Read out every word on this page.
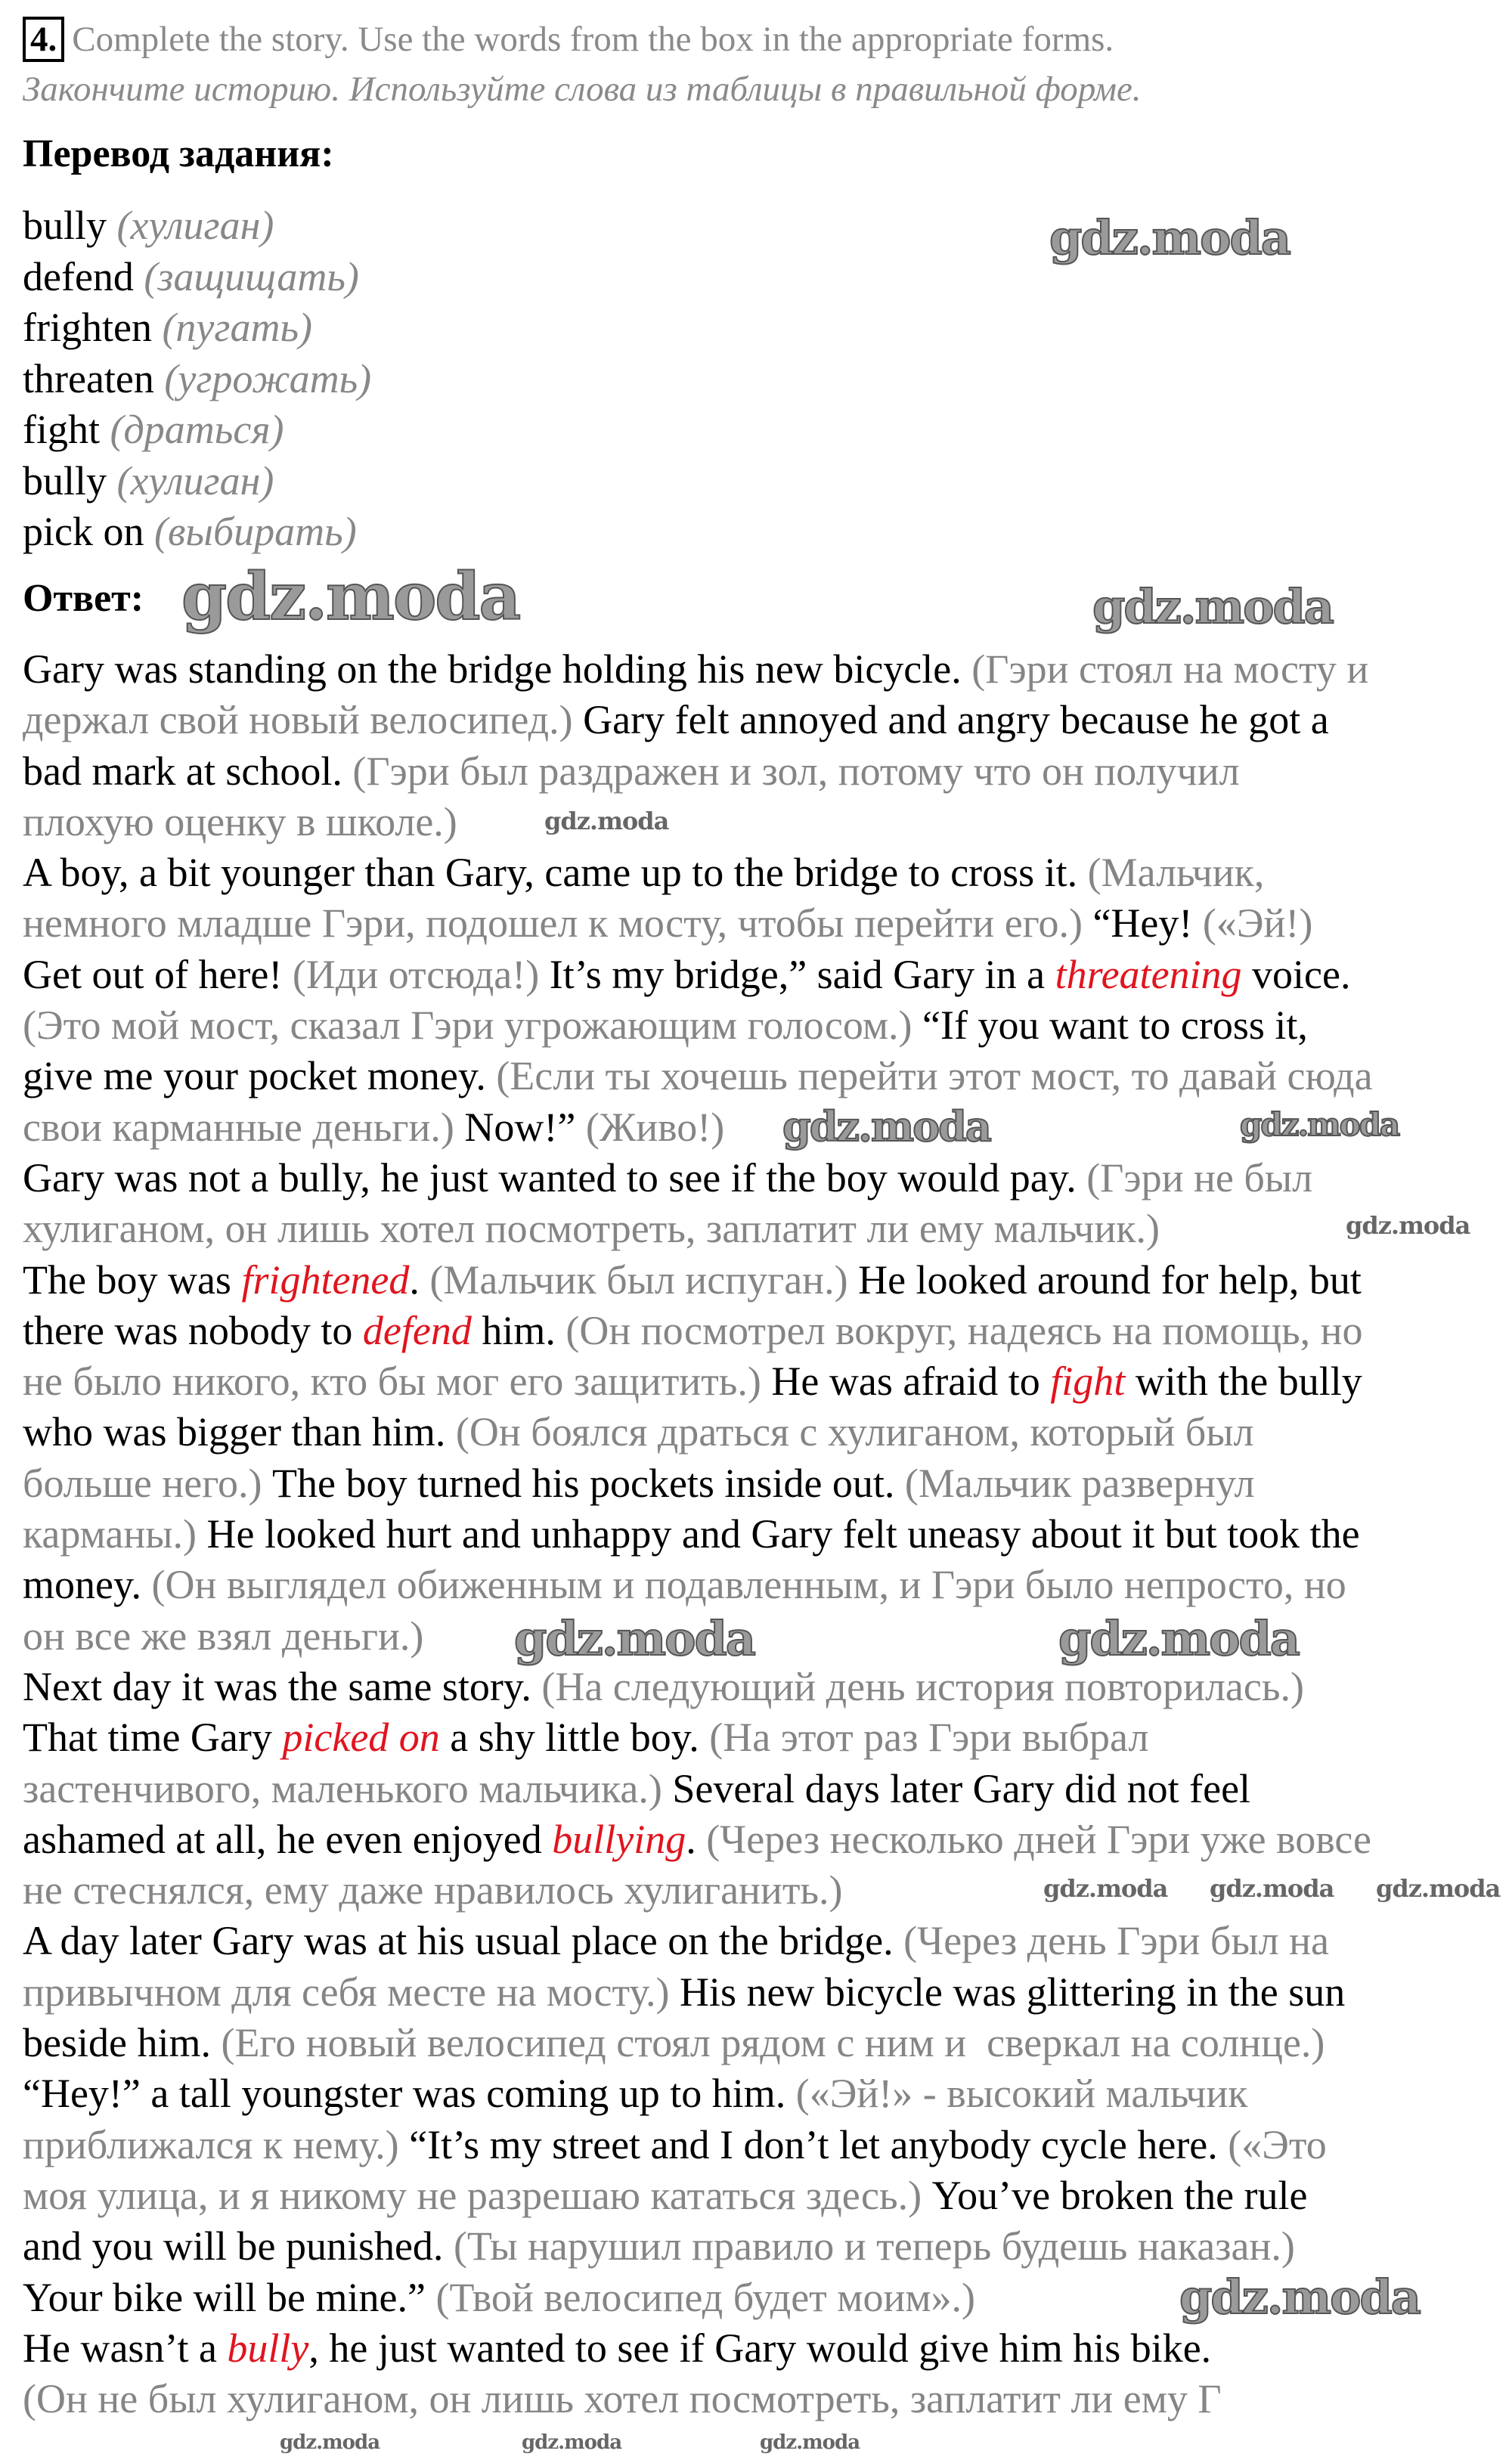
4. Complete the story. Use the words from the box in the appropriate forms.
Закончите историю. Используйте слова из таблицы в правильной форме.
Перевод задания:
bully (хулиган)
defend (защищать)
frighten (пугать)
threaten (угрожать)
fight (драться)
bully (хулиган)
pick on (выбирать)
Ответ:
Gary was standing on the bridge holding his new bicycle. (Гэри стоял на мосту и
держал свой новый велосипед.) Gary felt annoyed and angry because he got a
bad mark at school. (Гэри был раздражен и зол, потому что он получил
плохую оценку в школе.)
A boy, a bit younger than Gary, came up to the bridge to cross it. (Мальчик,
немного младше Гэри, подошел к мосту, чтобы перейти его.) “Hey! («Эй!)
Get out of here! (Иди отсюда!) It’s my bridge,” said Gary in a threatening voice.
(Это мой мост, сказал Гэри угрожающим голосом.) “If you want to cross it,
give me your pocket money. (Если ты хочешь перейти этот мост, то давай сюда
свои карманные деньги.) Now!” (Живо!)
Gary was not a bully, he just wanted to see if the boy would pay. (Гэри не был
хулиганом, он лишь хотел посмотреть, заплатит ли ему мальчик.)
The boy was frightened. (Мальчик был испуган.) He looked around for help, but
there was nobody to defend him. (Он посмотрел вокруг, надеясь на помощь, но
не было никого, кто бы мог его защитить.) He was afraid to fight with the bully
who was bigger than him. (Он боялся драться с хулиганом, который был
больше него.) The boy turned his pockets inside out. (Мальчик развернул
карманы.) He looked hurt and unhappy and Gary felt uneasy about it but took the
money. (Он выглядел обиженным и подавленным, и Гэри было непросто, но
он все же взял деньги.)
Next day it was the same story. (На следующий день история повторилась.)
That time Gary picked on a shy little boy. (На этот раз Гэри выбрал
застенчивого, маленького мальчика.) Several days later Gary did not feel
ashamed at all, he even enjoyed bullying. (Через несколько дней Гэри уже вовсе
не стеснялся, ему даже нравилось хулиганить.)
A day later Gary was at his usual place on the bridge. (Через день Гэри был на
привычном для себя месте на мосту.) His new bicycle was glittering in the sun
beside him. (Его новый велосипед стоял рядом с ним и  сверкал на солнце.)
“Hey!” a tall youngster was coming up to him. («Эй!» - высокий мальчик
приближался к нему.) “It’s my street and I don’t let anybody cycle here. («Это
моя улица, и я никому не разрешаю кататься здесь.) You’ve broken the rule
and you will be punished. (Ты нарушил правило и теперь будешь наказан.)
Your bike will be mine.” (Твой велосипед будет моим».)
He wasn’t a bully, he just wanted to see if Gary would give him his bike.
(Он не был хулиганом, он лишь хотел посмотреть, заплатит ли ему Г
gdz.moda
gdz.moda	gdz.moda
gdz.moda
gdz.moda	gdz.moda
gdz.moda
gdz.moda	gdz.moda
gdz.moda gdz.moda gdz.moda
gdz.moda	gdz.moda	gdz.moda
gdz.moda
